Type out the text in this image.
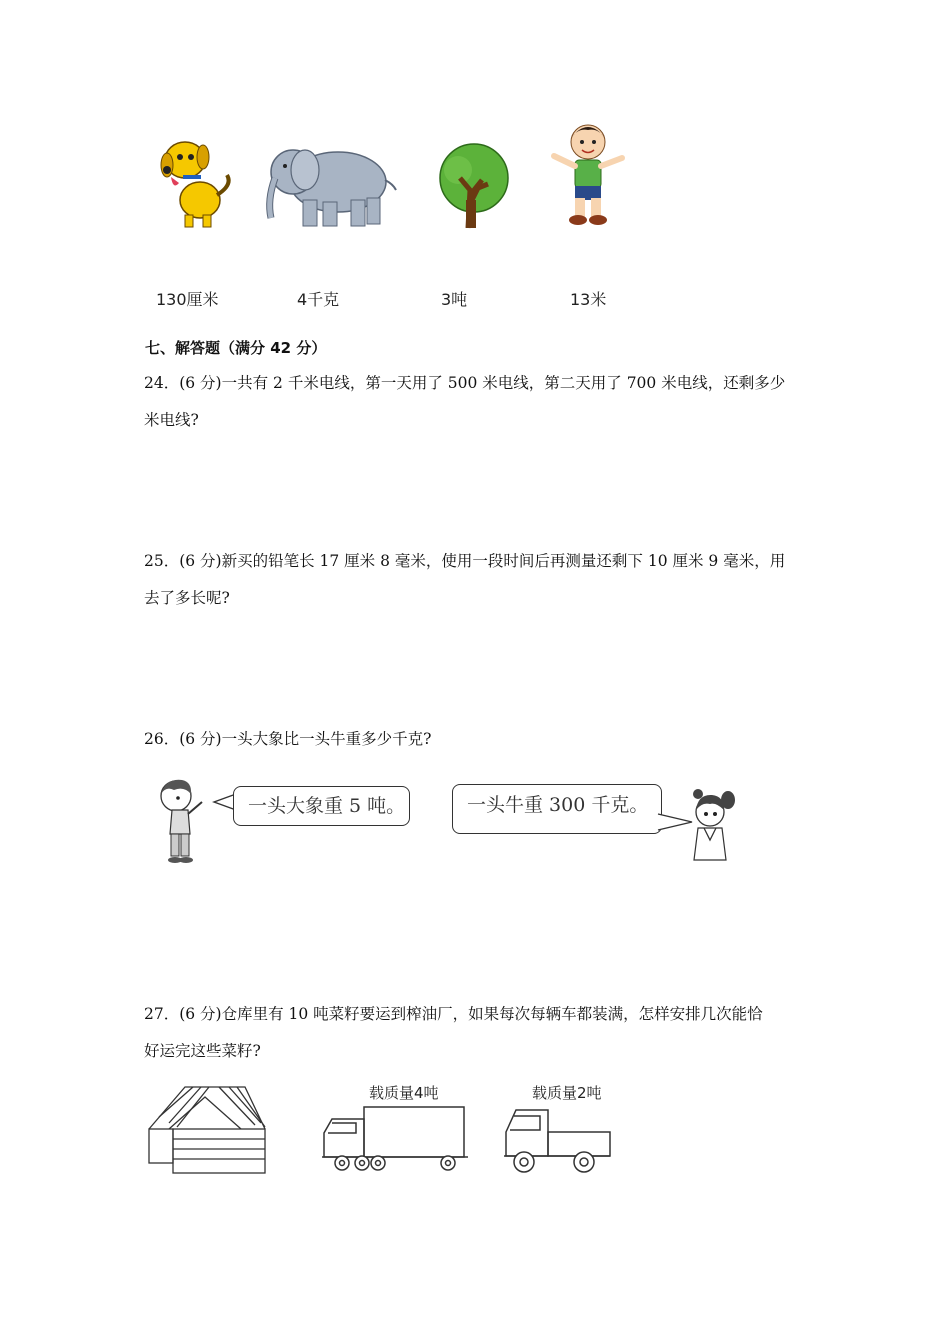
130厘米	4千克	3吨	13米
七、解答题（满分 42 分）
24．(6 分)一共有 2 千米电线，第一天用了 500 米电线，第二天用了 700 米电线，还剩多少
米电线?
25．(6 分)新买的铅笔长 17 厘米 8 毫米，使用一段时间后再测量还剩下 10 厘米 9 毫米，用
去了多长呢?
26．(6 分)一头大象比一头牛重多少千克?
一头大象重 5 吨。	一头牛重 300 千克。
27．(6 分)仓库里有 10 吨菜籽要运到榨油厂，如果每次每辆车都装满，怎样安排几次能恰
好运完这些菜籽?
载质量4吨	载质量2吨
